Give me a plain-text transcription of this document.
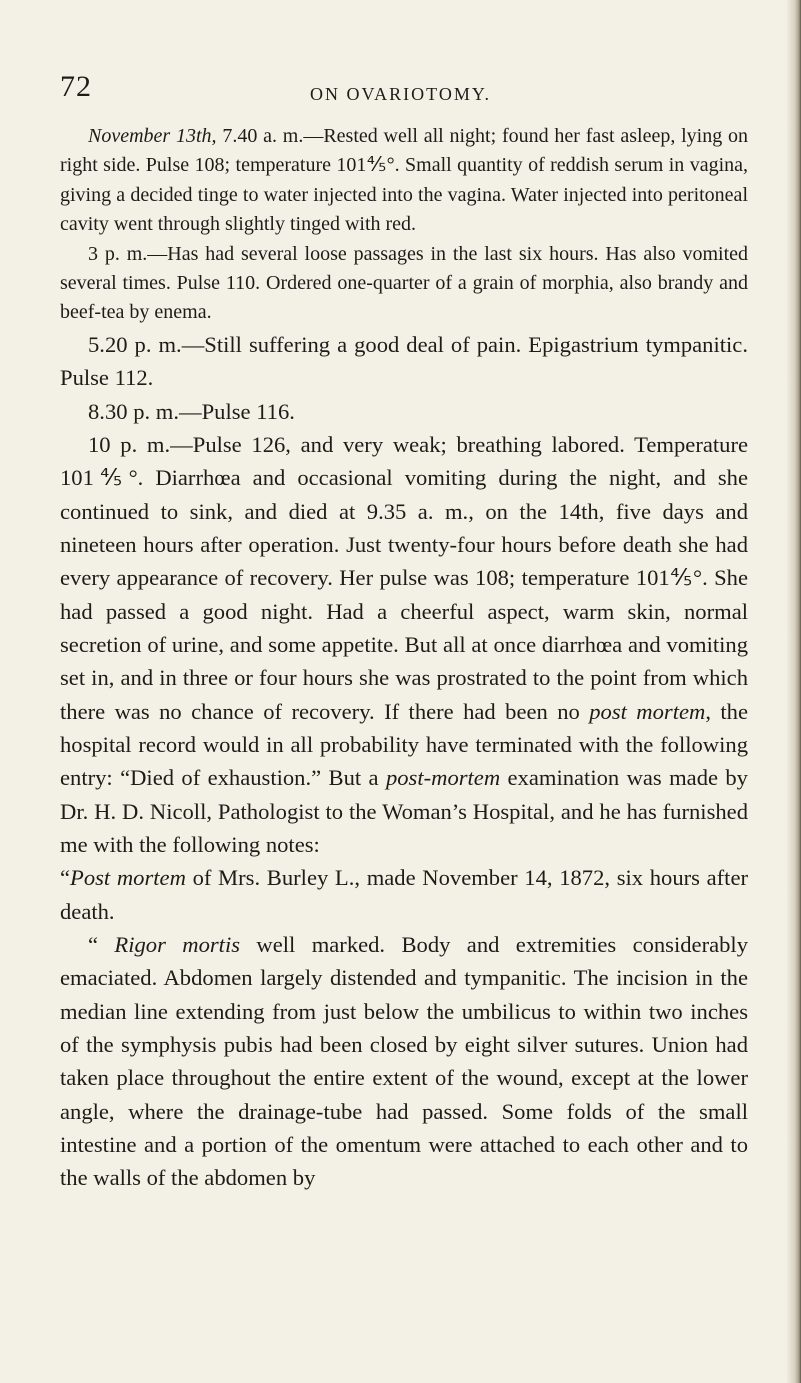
72	ON OVARIOTOMY.

November 13th, 7.40 a. m.—Rested well all night; found her fast asleep, lying on right side. Pulse 108; temperature 101⅘°. Small quantity of reddish serum in vagina, giving a decided tinge to water injected into the vagina. Water injected into peritoneal cavity went through slightly tinged with red.

3 p. m.—Has had several loose passages in the last six hours. Has also vomited several times. Pulse 110. Ordered one-quarter of a grain of morphia, also brandy and beef-tea by enema.

5.20 p. m.—Still suffering a good deal of pain. Epigastrium tympanitic. Pulse 112.

8.30 p. m.—Pulse 116.

10 p. m.—Pulse 126, and very weak; breathing labored. Temperature 101⅘°. Diarrhœa and occasional vomiting during the night, and she continued to sink, and died at 9.35 a. m., on the 14th, five days and nineteen hours after operation. Just twenty-four hours before death she had every appearance of recovery. Her pulse was 108; temperature 101⅘°. She had passed a good night. Had a cheerful aspect, warm skin, normal secretion of urine, and some appetite. But all at once diarrhœa and vomiting set in, and in three or four hours she was prostrated to the point from which there was no chance of recovery. If there had been no post mortem, the hospital record would in all probability have terminated with the following entry: “Died of exhaustion.” But a post-mortem examination was made by Dr. H. D. Nicoll, Pathologist to the Woman’s Hospital, and he has furnished me with the following notes:

“Post mortem of Mrs. Burley L., made November 14, 1872, six hours after death.

“ Rigor mortis well marked. Body and extremities considerably emaciated. Abdomen largely distended and tympanitic. The incision in the median line extending from just below the umbilicus to within two inches of the symphysis pubis had been closed by eight silver sutures. Union had taken place throughout the entire extent of the wound, except at the lower angle, where the drainage-tube had passed. Some folds of the small intestine and a portion of the omentum were attached to each other and to the walls of the abdomen by
